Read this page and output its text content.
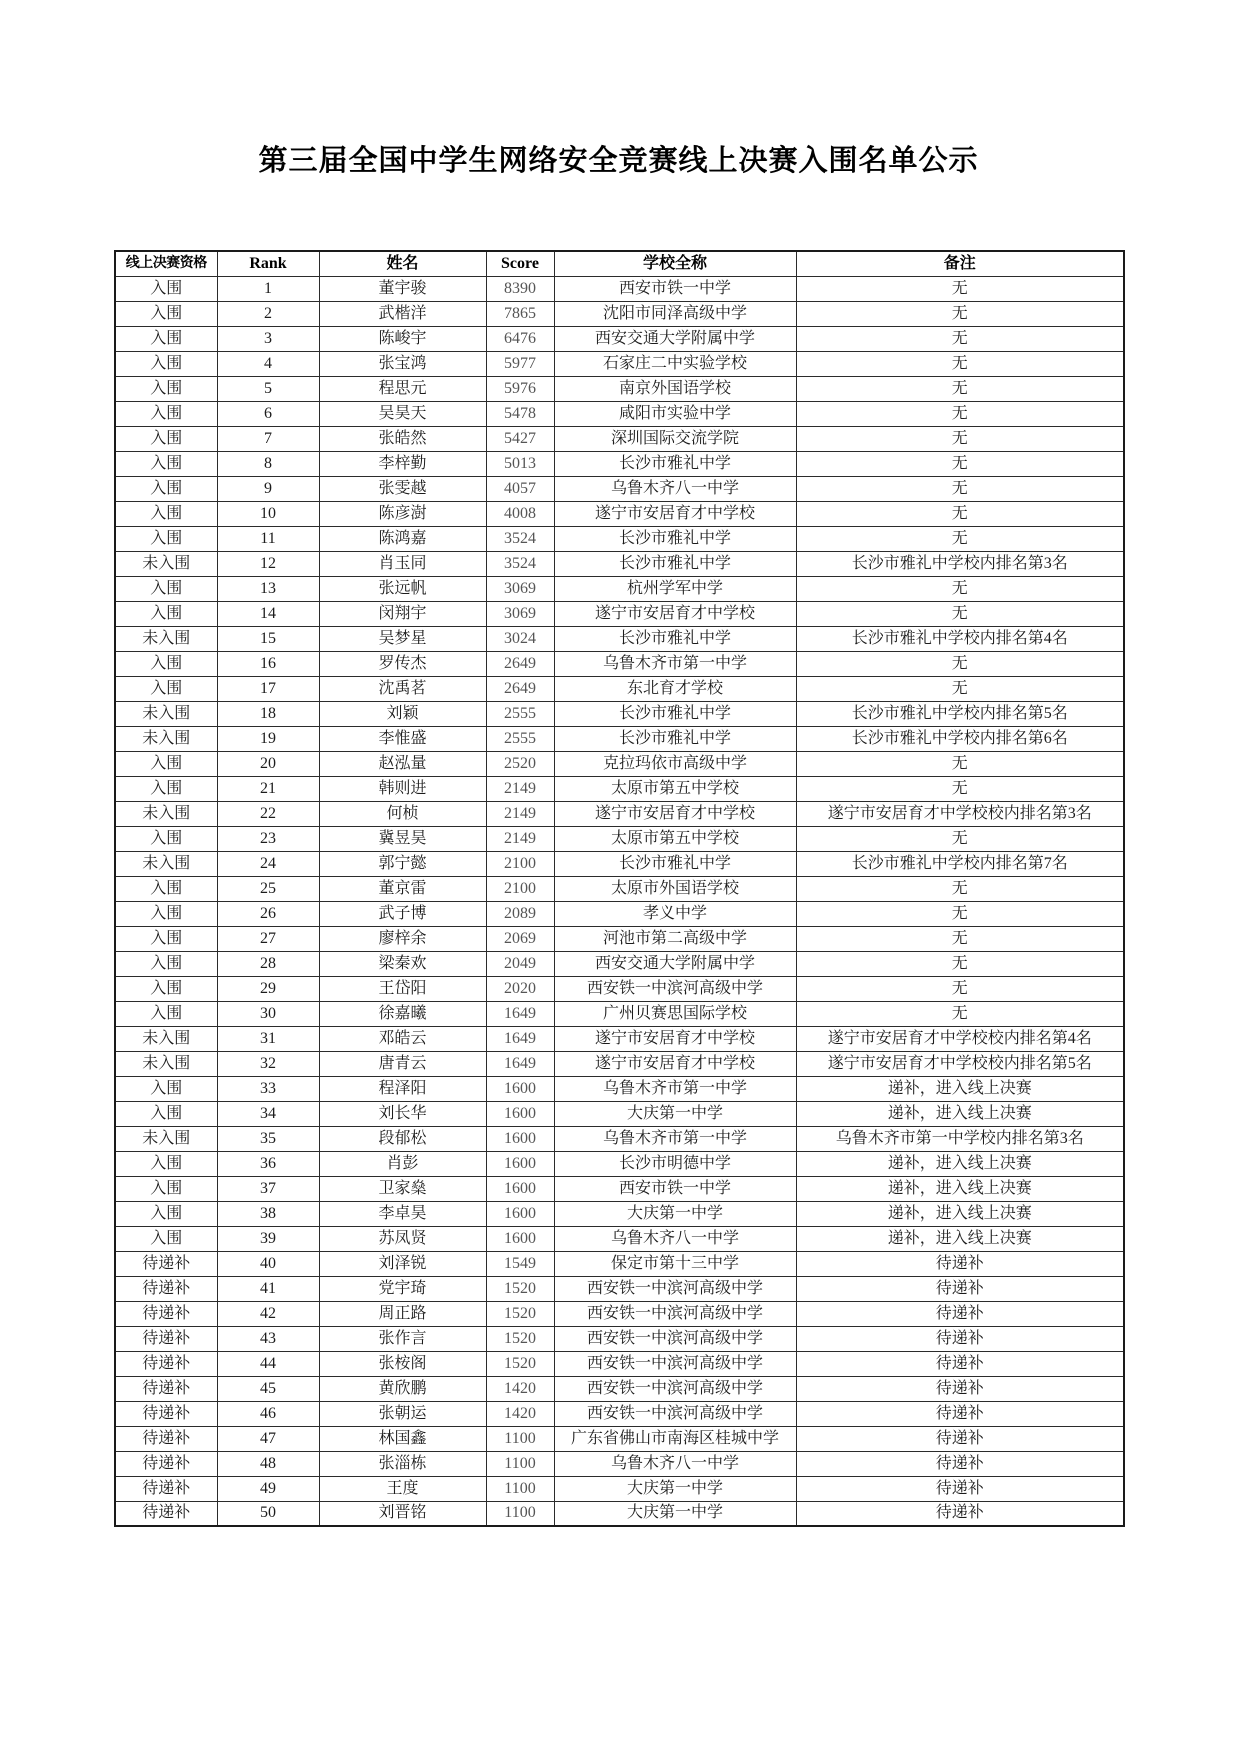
第三届全国中学生网络安全竞赛线上决赛入围名单公示
线上决赛资格	Rank	姓名	Score	学校全称	备注
入围	1	董宇骏	8390	西安市铁一中学	无
入围	2	武楷洋	7865	沈阳市同泽高级中学	无
入围	3	陈峻宇	6476	西安交通大学附属中学	无
入围	4	张宝鸿	5977	石家庄二中实验学校	无
入围	5	程思元	5976	南京外国语学校	无
入围	6	吴昊天	5478	咸阳市实验中学	无
入围	7	张皓然	5427	深圳国际交流学院	无
入围	8	李梓勤	5013	长沙市雅礼中学	无
入围	9	张雯越	4057	乌鲁木齐八一中学	无
入围	10	陈彦澍	4008	遂宁市安居育才中学校	无
入围	11	陈鸿嘉	3524	长沙市雅礼中学	无
未入围	12	肖玉同	3524	长沙市雅礼中学	长沙市雅礼中学校内排名第3名
入围	13	张远帆	3069	杭州学军中学	无
入围	14	闵翔宇	3069	遂宁市安居育才中学校	无
未入围	15	吴梦星	3024	长沙市雅礼中学	长沙市雅礼中学校内排名第4名
入围	16	罗传杰	2649	乌鲁木齐市第一中学	无
入围	17	沈禹茗	2649	东北育才学校	无
未入围	18	刘颖	2555	长沙市雅礼中学	长沙市雅礼中学校内排名第5名
未入围	19	李惟盛	2555	长沙市雅礼中学	长沙市雅礼中学校内排名第6名
入围	20	赵泓量	2520	克拉玛依市高级中学	无
入围	21	韩则进	2149	太原市第五中学校	无
未入围	22	何桢	2149	遂宁市安居育才中学校	遂宁市安居育才中学校校内排名第3名
入围	23	冀昱昊	2149	太原市第五中学校	无
未入围	24	郭宁懿	2100	长沙市雅礼中学	长沙市雅礼中学校内排名第7名
入围	25	董京雷	2100	太原市外国语学校	无
入围	26	武子博	2089	孝义中学	无
入围	27	廖梓余	2069	河池市第二高级中学	无
入围	28	梁秦欢	2049	西安交通大学附属中学	无
入围	29	王岱阳	2020	西安铁一中滨河高级中学	无
入围	30	徐嘉曦	1649	广州贝赛思国际学校	无
未入围	31	邓皓云	1649	遂宁市安居育才中学校	遂宁市安居育才中学校校内排名第4名
未入围	32	唐青云	1649	遂宁市安居育才中学校	遂宁市安居育才中学校校内排名第5名
入围	33	程泽阳	1600	乌鲁木齐市第一中学	递补，进入线上决赛
入围	34	刘长华	1600	大庆第一中学	递补，进入线上决赛
未入围	35	段郁松	1600	乌鲁木齐市第一中学	乌鲁木齐市第一中学校内排名第3名
入围	36	肖彭	1600	长沙市明德中学	递补，进入线上决赛
入围	37	卫家燊	1600	西安市铁一中学	递补，进入线上决赛
入围	38	李卓昊	1600	大庆第一中学	递补，进入线上决赛
入围	39	苏凤贤	1600	乌鲁木齐八一中学	递补，进入线上决赛
待递补	40	刘泽锐	1549	保定市第十三中学	待递补
待递补	41	党宇琦	1520	西安铁一中滨河高级中学	待递补
待递补	42	周正路	1520	西安铁一中滨河高级中学	待递补
待递补	43	张作言	1520	西安铁一中滨河高级中学	待递补
待递补	44	张桉阁	1520	西安铁一中滨河高级中学	待递补
待递补	45	黄欣鹏	1420	西安铁一中滨河高级中学	待递补
待递补	46	张朝运	1420	西安铁一中滨河高级中学	待递补
待递补	47	林国鑫	1100	广东省佛山市南海区桂城中学	待递补
待递补	48	张淄栋	1100	乌鲁木齐八一中学	待递补
待递补	49	王度	1100	大庆第一中学	待递补
待递补	50	刘晋铭	1100	大庆第一中学	待递补
